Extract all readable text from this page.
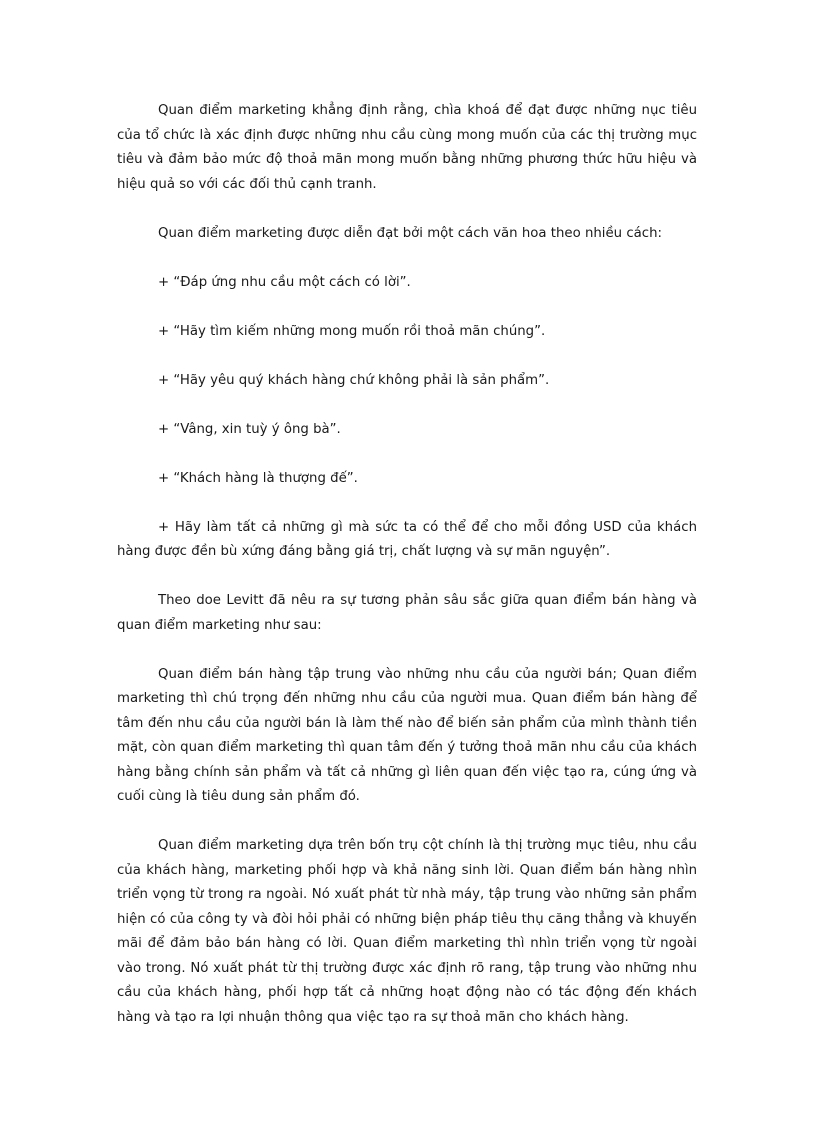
Quan điểm marketing khẳng định rằng, chìa khoá để đạt được những nục tiêu của tổ chức là xác định được những nhu cầu cùng mong muốn của các thị trường mục tiêu và đảm bảo mức độ thoả mãn mong muốn bằng những phương thức hữu hiệu và hiệu quả so với các đối thủ cạnh tranh.

Quan điểm marketing được diễn đạt bởi một cách văn hoa theo nhiều cách:

+ “Đáp ứng nhu cầu một cách có lời”.

+ “Hãy tìm kiếm những mong muốn rồi thoả mãn chúng”.

+ “Hãy yêu quý khách hàng chứ không phải là sản phẩm”.

+ “Vâng, xin tuỳ ý ông bà”.

+ “Khách hàng là thượng đế”.

+ Hãy làm tất cả những gì mà sức ta có thể để cho mỗi đồng USD của khách hàng được đền bù xứng đáng bằng giá trị, chất lượng và sự mãn nguyện”.

Theo doe Levitt đã nêu ra sự tương phản sâu sắc giữa quan điểm bán hàng và quan điểm marketing như sau:

Quan điểm bán hàng tập trung vào những nhu cầu của người bán; Quan điểm marketing thì chú trọng đến những nhu cầu của người mua. Quan điểm bán hàng để tâm đến nhu cầu của người bán là làm thế nào để biến sản phẩm của mình thành tiền mặt, còn quan điểm marketing thì quan tâm đến ý tưởng thoả mãn nhu cầu của khách hàng bằng chính sản phẩm và tất cả những gì liên quan đến việc tạo ra, cúng ứng và cuối cùng là tiêu dung sản phẩm đó.

Quan điểm marketing dựa trên bốn trụ cột chính là thị trường mục tiêu, nhu cầu của khách hàng, marketing phối hợp và khả năng sinh lời. Quan điểm bán hàng nhìn triển vọng từ trong ra ngoài. Nó xuất phát từ nhà máy, tập trung vào những sản phẩm hiện có của công ty và đòi hỏi phải có những biện pháp tiêu thụ căng thẳng và khuyến mãi để đảm bảo bán hàng có lời. Quan điểm marketing thì nhìn triển vọng từ ngoài vào trong. Nó xuất phát từ thị trường được xác định rõ rang, tập trung vào những nhu cầu của khách hàng, phối hợp tất cả những hoạt động nào có tác động đến khách hàng và tạo ra lợi nhuận thông qua việc tạo ra sự thoả mãn cho khách hàng.
